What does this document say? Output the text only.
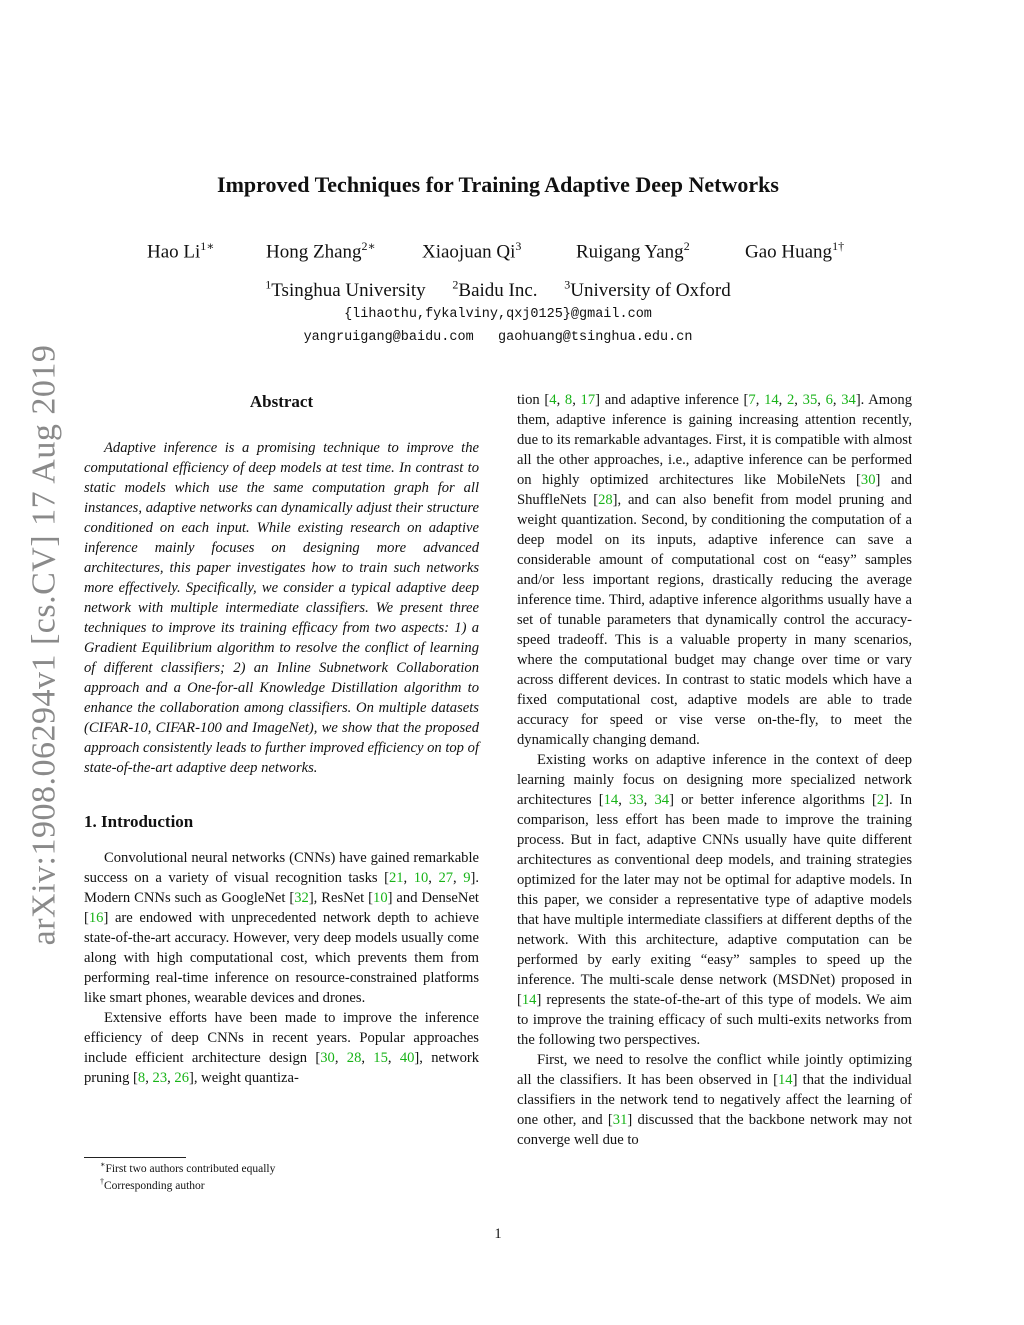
arXiv:1908.06294v1 [cs.CV] 17 Aug 2019
Improved Techniques for Training Adaptive Deep Networks
Hao $Li^{1∗}$	Hong Zhang$^{2∗}$ Xiaojuan Qi$^3$	Ruigang Yang$^2$	Gao Huang$^{1\dagger}$
$^1$Tsinghua University $^2$Baidu Inc. $^3$University of Oxford
{lihaothu,fykalviny,qxj0125}@gmail.com
yangruigang@baidu.com   gaohuang@tsinghua.edu.cn
Abstract

Adaptive inference is a promising technique to improve the computational efficiency of deep models at test time. In contrast to static models which use the same computation graph for all instances, adaptive networks can dynamically adjust their structure conditioned on each input. While existing research on adaptive inference mainly focuses on designing more advanced architectures, this paper investigates how to train such networks more effectively. Specifically, we consider a typical adaptive deep network with multiple intermediate classifiers. We present three techniques to improve its training efficacy from two aspects: 1) a Gradient Equilibrium algorithm to resolve the conflict of learning of different classifiers; 2) an Inline Subnetwork Collaboration approach and a One-for-all Knowledge Distillation algorithm to enhance the collaboration among classifiers. On multiple datasets (CIFAR-10, CIFAR-100 and ImageNet), we show that the proposed approach consistently leads to further improved efficiency on top of state-of-the-art adaptive deep networks.

1. Introduction

Convolutional neural networks (CNNs) have gained remarkable success on a variety of visual recognition tasks [21, 10, 27, 9]. Modern CNNs such as GoogleNet [32], ResNet [10] and DenseNet [16] are endowed with unprecedented network depth to achieve state-of-the-art accuracy. However, very deep models usually come along with high computational cost, which prevents them from performing real-time inference on resource-constrained platforms like smart phones, wearable devices and drones.

Extensive efforts have been made to improve the inference efficiency of deep CNNs in recent years. Popular approaches include efficient architecture design [30, 28, 15, 40], network pruning [8, 23, 26], weight quantiza-

tion [4, 8, 17] and adaptive inference [7, 14, 2, 35, 6, 34]. Among them, adaptive inference is gaining increasing attention recently, due to its remarkable advantages. First, it is compatible with almost all the other approaches, i.e., adaptive inference can be performed on highly optimized architectures like MobileNets [30] and ShuffleNets [28], and can also benefit from model pruning and weight quantization. Second, by conditioning the computation of a deep model on its inputs, adaptive inference can save a considerable amount of computational cost on “easy” samples and/or less important regions, drastically reducing the average inference time. Third, adaptive inference algorithms usually have a set of tunable parameters that dynamically control the accuracy-speed tradeoff. This is a valuable property in many scenarios, where the computational budget may change over time or vary across different devices. In contrast to static models which have a fixed computational cost, adaptive models are able to trade accuracy for speed or vise verse on-the-fly, to meet the dynamically changing demand.

Existing works on adaptive inference in the context of deep learning mainly focus on designing more specialized network architectures [14, 33, 34] or better inference algorithms [2]. In comparison, less effort has been made to improve the training process. But in fact, adaptive CNNs usually have quite different architectures as conventional deep models, and training strategies optimized for the later may not be optimal for adaptive models. In this paper, we consider a representative type of adaptive models that have multiple intermediate classifiers at different depths of the network. With this architecture, adaptive computation can be performed by early exiting “easy” samples to speed up the inference. The multi-scale dense network (MSDNet) proposed in [14] represents the state-of-the-art of this type of models. We aim to improve the training efficacy of such multi-exits networks from the following two perspectives.

First, we need to resolve the conflict while jointly optimizing all the classifiers. It has been observed in [14] that the individual classifiers in the network tend to negatively affect the learning of one other, and [31] discussed that the backbone network may not converge well due to

∗First two authors contributed equally
†Corresponding author
1
